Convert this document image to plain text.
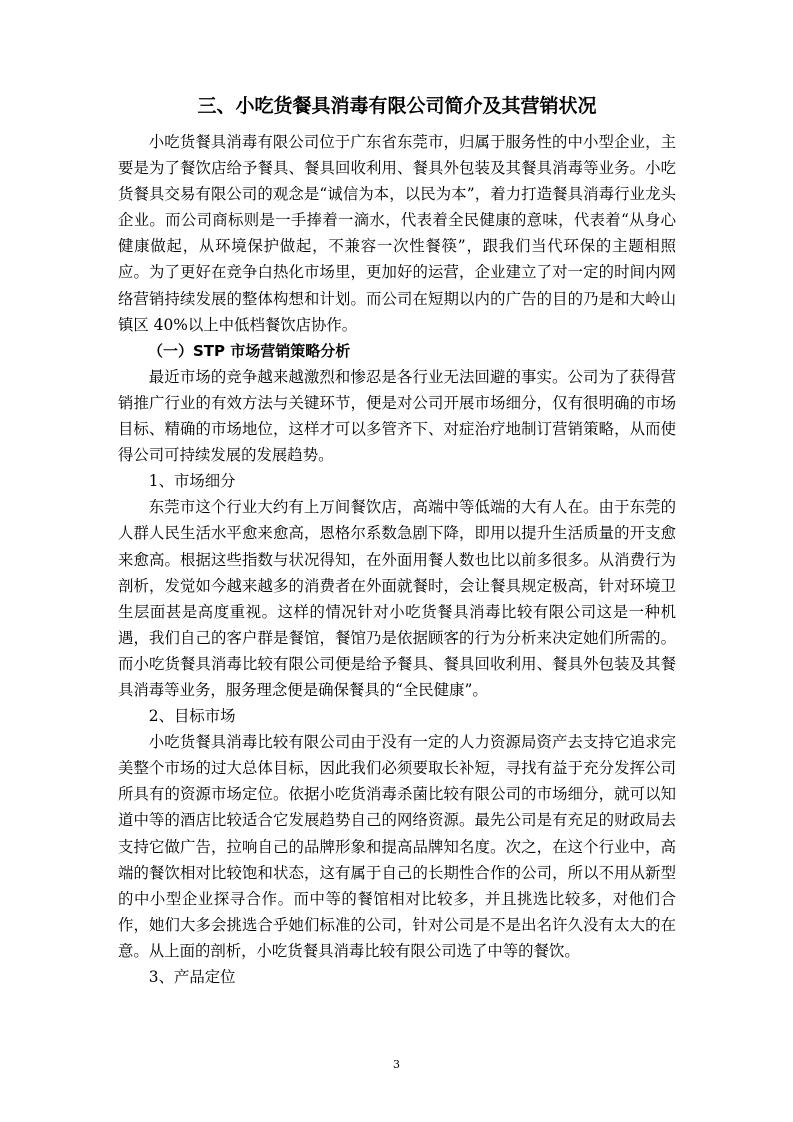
三、小吃货餐具消毒有限公司简介及其营销状况

小吃货餐具消毒有限公司位于广东省东莞市，归属于服务性的中小型企业，主要是为了餐饮店给予餐具、餐具回收利用、餐具外包装及其餐具消毒等业务。小吃货餐具交易有限公司的观念是“诚信为本，以民为本”，着力打造餐具消毒行业龙头企业。而公司商标则是一手捧着一滴水，代表着全民健康的意味，代表着“从身心健康做起，从环境保护做起，不兼容一次性餐筷”，跟我们当代环保的主题相照应。为了更好在竞争白热化市场里，更加好的运营，企业建立了对一定的时间内网络营销持续发展的整体构想和计划。而公司在短期以内的广告的目的乃是和大岭山镇区 40%以上中低档餐饮店协作。

（一）STP 市场营销策略分析

最近市场的竞争越来越激烈和惨忍是各行业无法回避的事实。公司为了获得营销推广行业的有效方法与关键环节，便是对公司开展市场细分，仅有很明确的市场目标、精确的市场地位，这样才可以多管齐下、对症治疗地制订营销策略，从而使得公司可持续发展的发展趋势。

1、市场细分

东莞市这个行业大约有上万间餐饮店，高端中等低端的大有人在。由于东莞的人群人民生活水平愈来愈高，恩格尔系数急剧下降，即用以提升生活质量的开支愈来愈高。根据这些指数与状况得知，在外面用餐人数也比以前多很多。从消费行为剖析，发觉如今越来越多的消费者在外面就餐时，会让餐具规定极高，针对环境卫生层面甚是高度重视。这样的情况针对小吃货餐具消毒比较有限公司这是一种机遇，我们自己的客户群是餐馆，餐馆乃是依据顾客的行为分析来决定她们所需的。而小吃货餐具消毒比较有限公司便是给予餐具、餐具回收利用、餐具外包装及其餐具消毒等业务，服务理念便是确保餐具的“全民健康”。

2、目标市场

小吃货餐具消毒比较有限公司由于没有一定的人力资源局资产去支持它追求完美整个市场的过大总体目标，因此我们必须要取长补短，寻找有益于充分发挥公司所具有的资源市场定位。依据小吃货消毒杀菌比较有限公司的市场细分，就可以知道中等的酒店比较适合它发展趋势自己的网络资源。最先公司是有充足的财政局去支持它做广告，拉响自己的品牌形象和提高品牌知名度。次之，在这个行业中，高端的餐饮相对比较饱和状态，这有属于自己的长期性合作的公司，所以不用从新型的中小型企业探寻合作。而中等的餐馆相对比较多，并且挑选比较多，对他们合作，她们大多会挑选合乎她们标准的公司，针对公司是不是出名许久没有太大的在意。从上面的剖析，小吃货餐具消毒比较有限公司选了中等的餐饮。

3、产品定位

3
